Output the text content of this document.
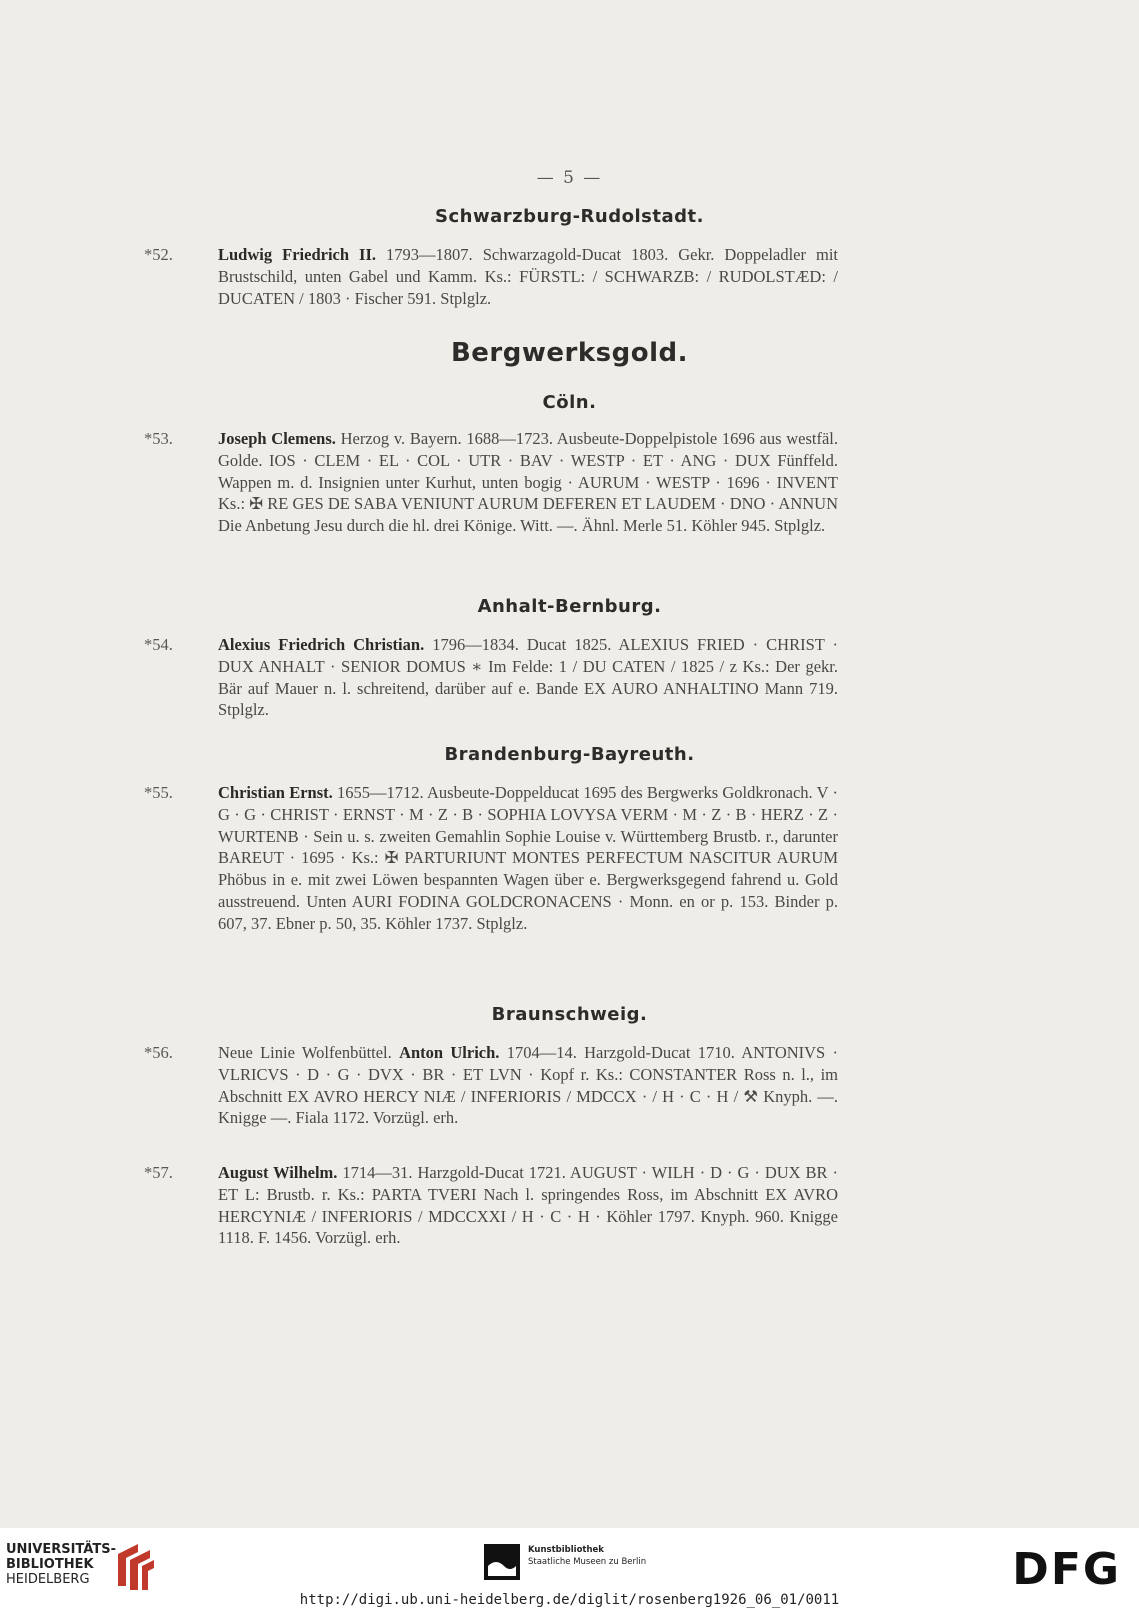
— 5 —
Schwarzburg-Rudolstadt.
*52.	Ludwig Friedrich II. 1793—1807. Schwarzagold-Ducat 1803. Gekr. Doppeladler mit Brustschild, unten Gabel und Kamm. Ks.: FÜRSTL: / SCHWARZB: / RUDOLSTÆD: / DUCATEN / 1803 · Fischer 591. Stplglz.
Bergwerksgold.
Cöln.
*53.	Joseph Clemens. Herzog v. Bayern. 1688—1723. Ausbeute-Doppelpistole 1696 aus westfäl. Golde. IOS · CLEM · EL · COL · UTR · BAV · WESTP · ET · ANG · DUX Fünffeld. Wappen m. d. Insignien unter Kurhut, unten bogig · AURUM · WESTP · 1696 · INVENT Ks.: ✠ RE GES DE SABA VENIUNT AURUM DEFEREN ET LAUDEM · DNO · ANNUN Die Anbetung Jesu durch die hl. drei Könige. Witt. —. Ähnl. Merle 51. Köhler 945. Stplglz.
Anhalt-Bernburg.
*54.	Alexius Friedrich Christian. 1796—1834. Ducat 1825. ALEXIUS FRIED · CHRIST · DUX ANHALT · SENIOR DOMUS ∗ Im Felde: 1 / DU CATEN / 1825 / z Ks.: Der gekr. Bär auf Mauer n. l. schreitend, darüber auf e. Bande EX AURO ANHALTINO Mann 719. Stplglz.
Brandenburg-Bayreuth.
*55.	Christian Ernst. 1655—1712. Ausbeute-Doppelducat 1695 des Bergwerks Goldkronach. V · G · G · CHRIST · ERNST · M · Z · B · SOPHIA LOVYSA VERM · M · Z · B · HERZ · Z · WURTENB · Sein u. s. zweiten Gemahlin Sophie Louise v. Württemberg Brustb. r., darunter BAREUT · 1695 · Ks.: ✠ PARTURIUNT MONTES PERFECTUM NASCITUR AURUM Phöbus in e. mit zwei Löwen bespannten Wagen über e. Bergwerksgegend fahrend u. Gold ausstreuend. Unten AURI FODINA GOLDCRONACENS · Monn. en or p. 153. Binder p. 607, 37. Ebner p. 50, 35. Köhler 1737. Stplglz.
Braunschweig.
*56.	Neue Linie Wolfenbüttel. Anton Ulrich. 1704—14. Harzgold-Ducat 1710. ANTONIVS · VLRICVS · D · G · DVX · BR · ET LVN · Kopf r. Ks.: CONSTANTER Ross n. l., im Abschnitt EX AVRO HERCY NIÆ / INFERIORIS / MDCCX · / H · C · H / ⚒ Knyph. —. Knigge —. Fiala 1172. Vorzügl. erh.
*57.	August Wilhelm. 1714—31. Harzgold-Ducat 1721. AUGUST · WILH · D · G · DUX BR · ET L: Brustb. r. Ks.: PARTA TVERI Nach l. springendes Ross, im Abschnitt EX AVRO HERCYNIÆ / INFERIORIS / MDCCXXI / H · C · H · Köhler 1797. Knyph. 960. Knigge 1118. F. 1456. Vorzügl. erh.
UNIVERSITÄTS-
BIBLIOTHEK
HEIDELBERG
Kunstbibliothek
Staatliche Museen zu Berlin	DFG
http://digi.ub.uni-heidelberg.de/diglit/rosenberg1926_06_01/0011
